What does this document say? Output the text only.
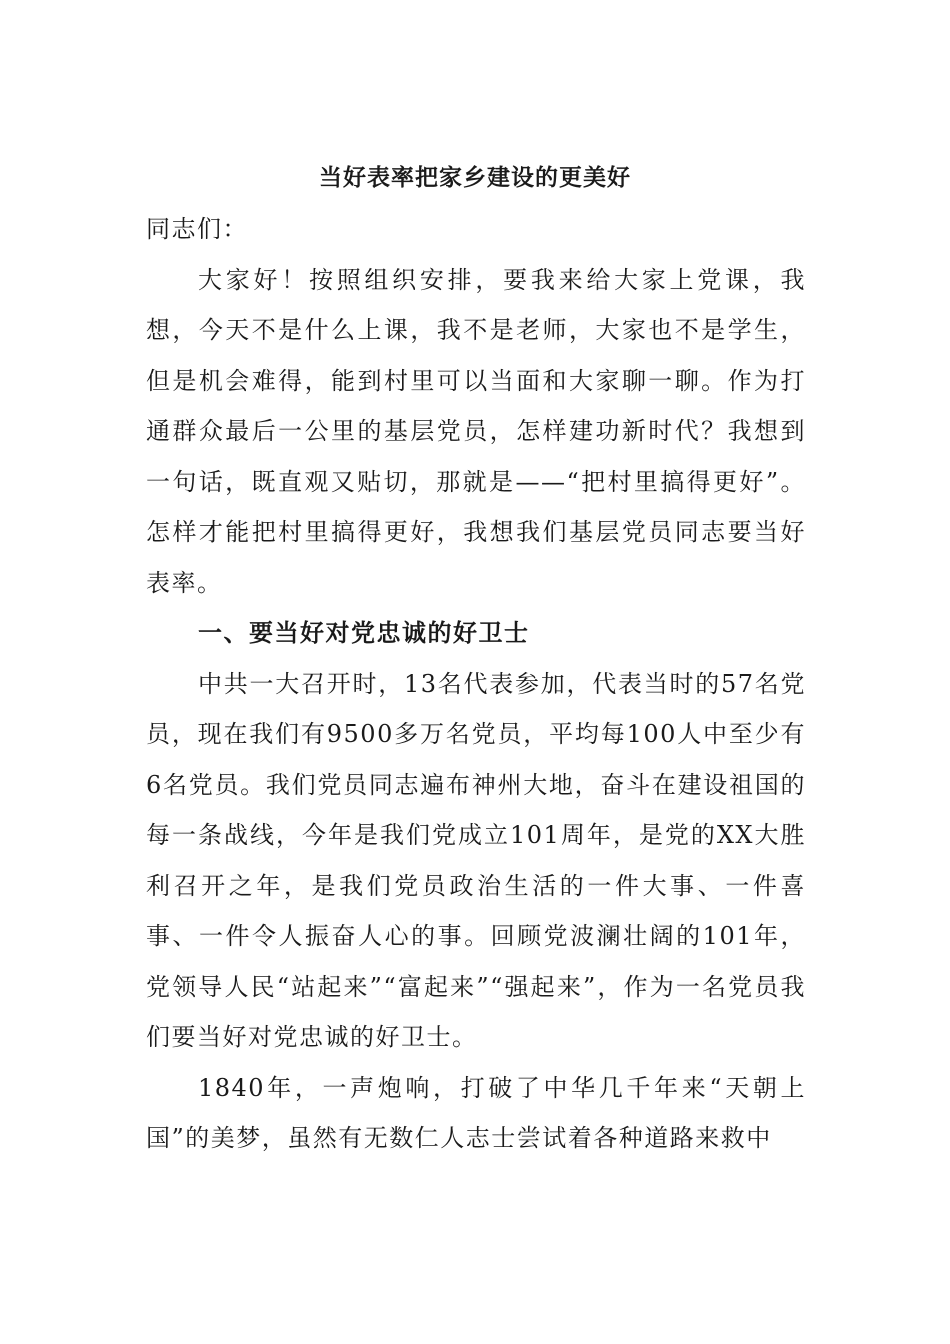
当好表率把家乡建设的更美好

同志们：

大家好！按照组织安排，要我来给大家上党课，我想，今天不是什么上课，我不是老师，大家也不是学生，但是机会难得，能到村里可以当面和大家聊一聊。作为打通群众最后一公里的基层党员，怎样建功新时代？我想到一句话，既直观又贴切，那就是——“把村里搞得更好”。怎样才能把村里搞得更好，我想我们基层党员同志要当好表率。

一、要当好对党忠诚的好卫士

中共一大召开时，13名代表参加，代表当时的57名党员，现在我们有9500多万名党员，平均每100人中至少有6名党员。我们党员同志遍布神州大地，奋斗在建设祖国的每一条战线，今年是我们党成立101周年，是党的XX大胜利召开之年，是我们党员政治生活的一件大事、一件喜事、一件令人振奋人心的事。回顾党波澜壮阔的101年，党领导人民“站起来”“富起来”“强起来”，作为一名党员我们要当好对党忠诚的好卫士。

1840年，一声炮响，打破了中华几千年来“天朝上国”的美梦，虽然有无数仁人志士尝试着各种道路来救中
